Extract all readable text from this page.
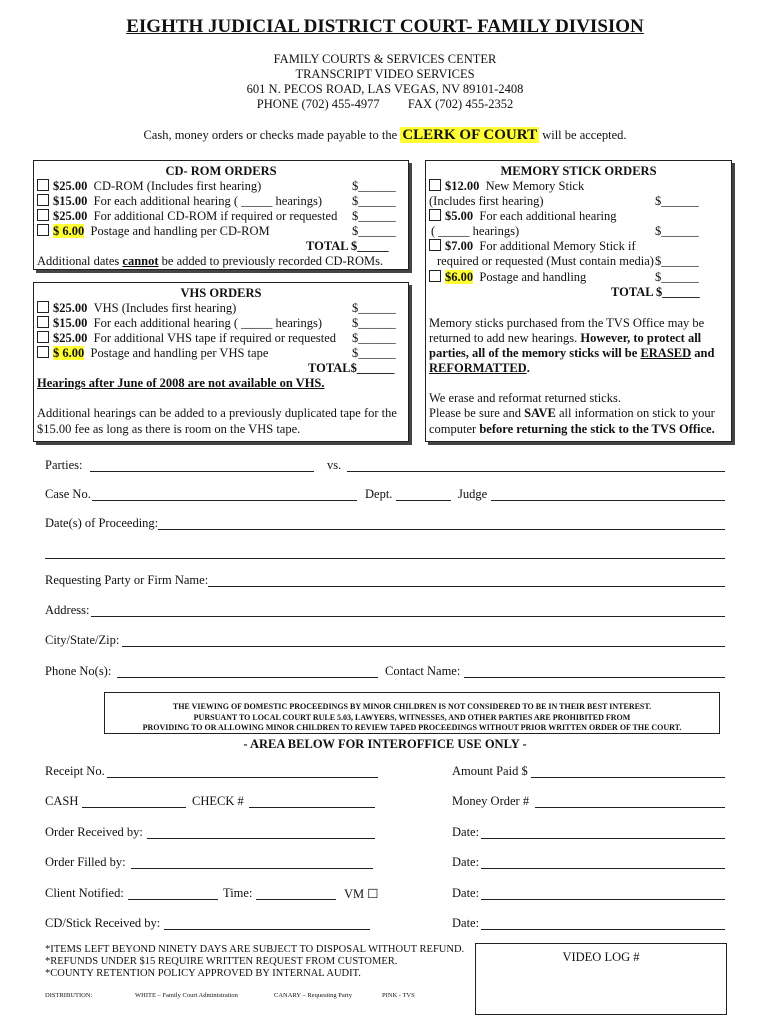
EIGHTH JUDICIAL DISTRICT COURT- FAMILY DIVISION
FAMILY COURTS & SERVICES CENTER
TRANSCRIPT VIDEO SERVICES
601 N. PECOS ROAD, LAS VEGAS, NV 89101-2408
PHONE (702) 455-4977 FAX (702) 455-2352
Cash, money orders or checks made payable to the CLERK OF COURT will be accepted.
CD- ROM ORDERS
$25.00 CD-ROM (Includes first hearing)	$______
$15.00 For each additional hearing ( _____ hearings) $______
$25.00 For additional CD-ROM if required or requested $______
$ 6.00 Postage and handling per CD-ROM	$______
TOTAL $_____
Additional dates cannot be added to previously recorded CD-ROMs.
VHS ORDERS
$25.00 VHS (Includes first hearing)	$______
$15.00 For each additional hearing ( _____ hearings) $______
$25.00 For additional VHS tape if required or requested $______
$ 6.00 Postage and handling per VHS tape	$______
TOTAL$______
Hearings after June of 2008 are not available on VHS.
Additional hearings can be added to a previously duplicated tape for the
$15.00 fee as long as there is room on the VHS tape.
MEMORY STICK ORDERS
$12.00 New Memory Stick
(Includes first hearing)	$______
$5.00 For each additional hearing
( _____ hearings)	$______
$7.00 For additional Memory Stick if
required or requested (Must contain media) $______
$6.00 Postage and handling	$______
TOTAL $______
Memory sticks purchased from the TVS Office may be
returned to add new hearings. However, to protect all
parties, all of the memory sticks will be ERASED and
REFORMATTED.
We erase and reformat returned sticks.
Please be sure and SAVE all information on stick to your
computer before returning the stick to the TVS Office.
Parties:	vs.
Case No.	Dept.	Judge
Date(s) of Proceeding:
Requesting Party or Firm Name:
Address:
City/State/Zip:
Phone No(s):	Contact Name:
THE VIEWING OF DOMESTIC PROCEEDINGS BY MINOR CHILDREN IS NOT CONSIDERED TO BE IN THEIR BEST INTEREST.
PURSUANT TO LOCAL COURT RULE 5.03, LAWYERS, WITNESSES, AND OTHER PARTIES ARE PROHIBITED FROM
PROVIDING TO OR ALLOWING MINOR CHILDREN TO REVIEW TAPED PROCEEDINGS WITHOUT PRIOR WRITTEN ORDER OF THE COURT.
- AREA BELOW FOR INTEROFFICE USE ONLY -
Receipt No.	Amount Paid $
CASH	CHECK #	Money Order #
Order Received by:	Date:
Order Filled by:	Date:
Client Notified:	Time:	VM ☐	Date:
CD/Stick Received by:	Date:
*ITEMS LEFT BEYOND NINETY DAYS ARE SUBJECT TO DISPOSAL WITHOUT REFUND.
*REFUNDS UNDER $15 REQUIRE WRITTEN REQUEST FROM CUSTOMER.
*COUNTY RETENTION POLICY APPROVED BY INTERNAL AUDIT.
VIDEO LOG #
DISTRIBUTION:	WHITE – Family Court Administration	CANARY – Requesting Party	PINK - TVS
